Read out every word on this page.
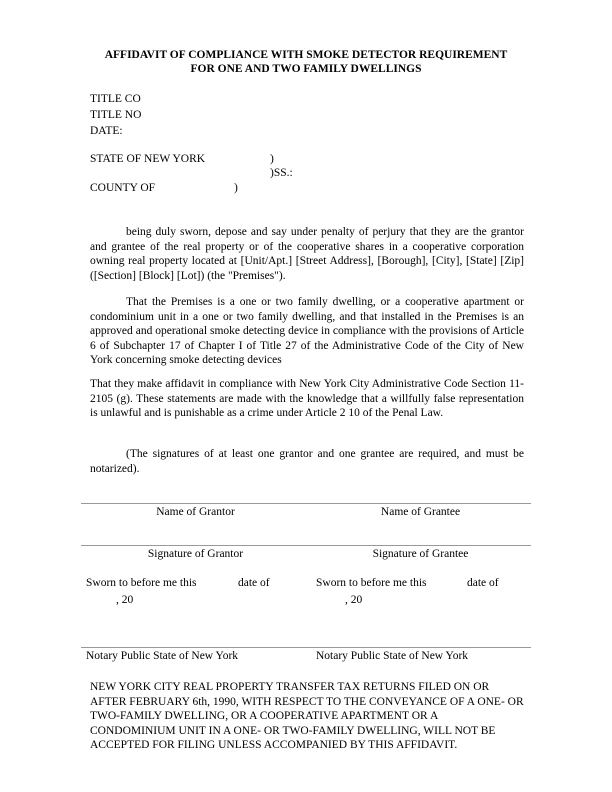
AFFIDAVIT OF COMPLIANCE WITH SMOKE DETECTOR REQUIREMENT
FOR ONE AND TWO FAMILY DWELLINGS
TITLE CO
TITLE NO
DATE:
STATE OF NEW YORK	)
)SS.:
COUNTY OF	)
being duly sworn, depose and say under penalty of perjury that they are the grantor and grantee of the real property or of the cooperative shares in a cooperative corporation owning real property located at [Unit/Apt.] [Street Address], [Borough], [City], [State] [Zip] ([Section] [Block] [Lot]) (the "Premises").
That the Premises is a one or two family dwelling, or a cooperative apartment or condominium unit in a one or two family dwelling, and that installed in the Premises is an approved and operational smoke detecting device in compliance with the provisions of Article 6 of Subchapter 17 of Chapter I of Title 27 of the Administrative Code of the City of New York concerning smoke detecting devices
That they make affidavit in compliance with New York City Administrative Code Section 11-2105 (g). These statements are made with the knowledge that a willfully false representation is unlawful and is punishable as a crime under Article 2 10 of the Penal Law.
(The signatures of at least one grantor and one grantee are required, and must be notarized).
Name of Grantor	Name of Grantee
Signature of Grantor	Signature of Grantee
Sworn to before me this	date of
, 20
Sworn to before me this	date of
, 20
Notary Public State of New York	Notary Public State of New York
NEW YORK CITY REAL PROPERTY TRANSFER TAX RETURNS FILED ON OR AFTER FEBRUARY 6th, 1990, WITH RESPECT TO THE CONVEYANCE OF A ONE- OR TWO-FAMILY DWELLING, OR A COOPERATIVE APARTMENT OR A CONDOMINIUM UNIT IN A ONE- OR TWO-FAMILY DWELLING, WILL NOT BE ACCEPTED FOR FILING UNLESS ACCOMPANIED BY THIS AFFIDAVIT.
